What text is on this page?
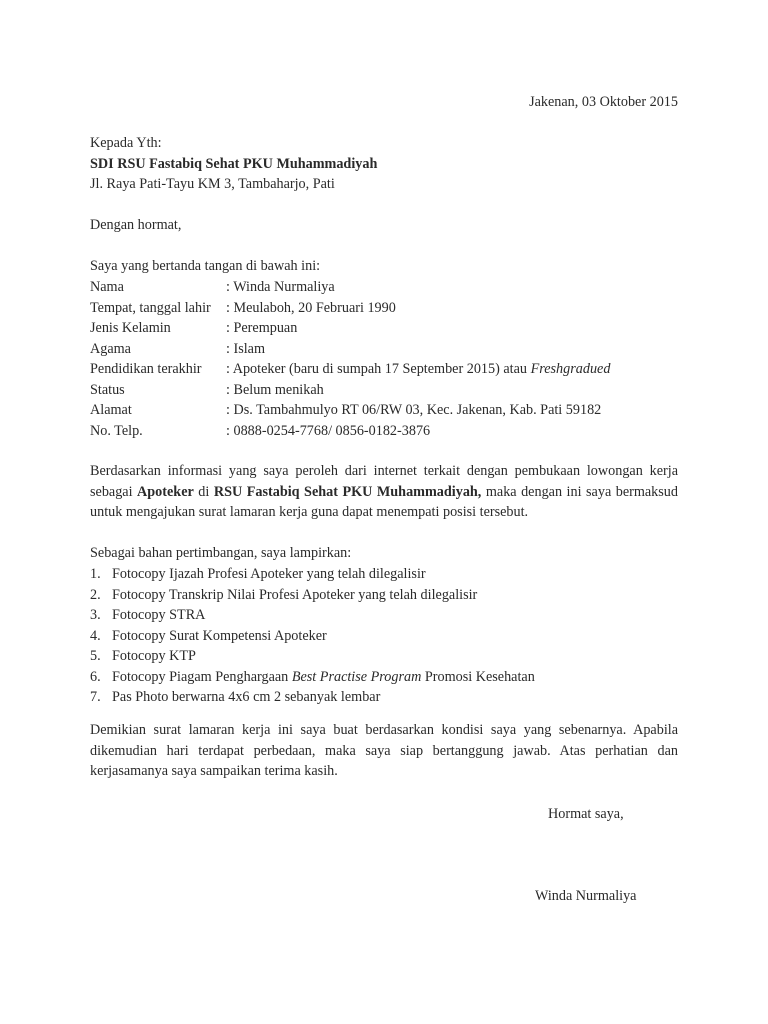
Jakenan, 03 Oktober 2015
Kepada Yth:
SDI RSU Fastabiq Sehat PKU Muhammadiyah
Jl. Raya Pati-Tayu KM 3, Tambaharjo, Pati
Dengan hormat,
Saya yang bertanda tangan di bawah ini:
Nama	: Winda Nurmaliya
Tempat, tanggal lahir	: Meulaboh, 20 Februari 1990
Jenis Kelamin	: Perempuan
Agama	: Islam
Pendidikan terakhir	: Apoteker (baru di sumpah 17 September 2015) atau Freshgradued
Status	: Belum menikah
Alamat	: Ds. Tambahmulyo RT 06/RW 03, Kec. Jakenan, Kab. Pati 59182
No. Telp.	: 0888-0254-7768/ 0856-0182-3876
Berdasarkan informasi yang saya peroleh dari internet terkait dengan pembukaan lowongan kerja sebagai Apoteker di RSU Fastabiq Sehat PKU Muhammadiyah, maka dengan ini saya bermaksud untuk mengajukan surat lamaran kerja guna dapat menempati posisi tersebut.
Sebagai bahan pertimbangan, saya lampirkan:
1. Fotocopy Ijazah Profesi Apoteker yang telah dilegalisir
2. Fotocopy Transkrip Nilai Profesi Apoteker yang telah dilegalisir
3. Fotocopy STRA
4. Fotocopy Surat Kompetensi Apoteker
5. Fotocopy KTP
6. Fotocopy Piagam Penghargaan Best Practise Program Promosi Kesehatan
7. Pas Photo berwarna 4x6 cm 2 sebanyak lembar
Demikian surat lamaran kerja ini saya buat berdasarkan kondisi saya yang sebenarnya. Apabila dikemudian hari terdapat perbedaan, maka saya siap bertanggung jawab. Atas perhatian dan kerjasamanya saya sampaikan terima kasih.
Hormat saya,
Winda Nurmaliya
